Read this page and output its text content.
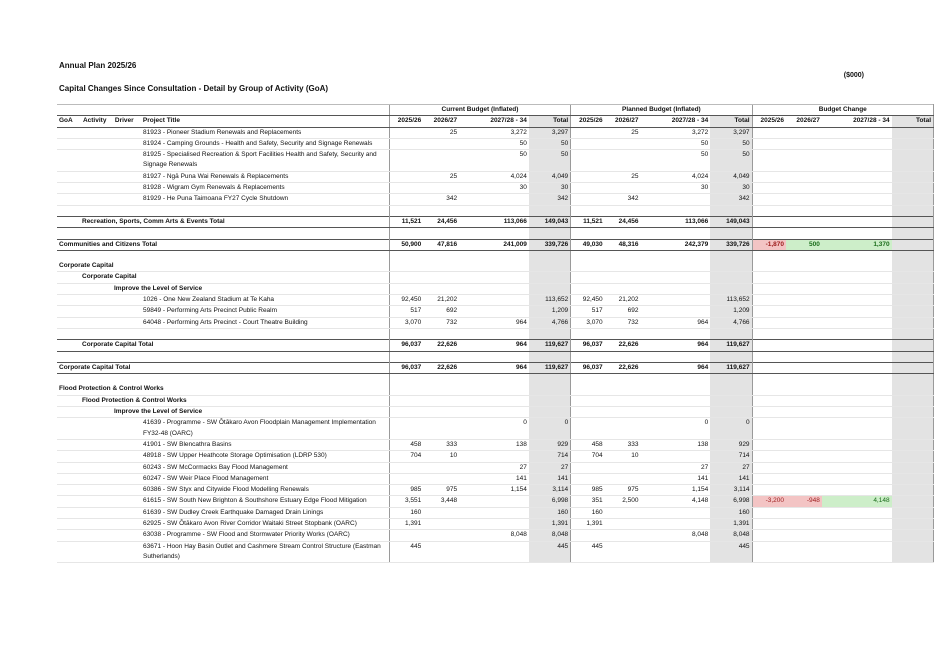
Annual Plan 2025/26
Capital Changes Since Consultation - Detail by Group of Activity (GoA)
($000)
				Current Budget (Inflated)				Planned Budget (Inflated)				Budget Change			
GoA	Activity	Driver	Project Title	2025/26	2026/27	2027/28 - 34	Total	2025/26	2026/27	2027/28 - 34	Total	2025/26	2026/27	2027/28 - 34	Total
81923 - Pioneer Stadium Renewals and Replacements					25	3,272	3,297		25	3,272	3,297				
81924 - Camping Grounds - Health and Safety, Security and Signage Renewals						50	50			50	50				
81925 - Specialised Recreation & Sport Facilities Health and Safety, Security and Signage Renewals						50	50			50	50				
81927 - Ngā Puna Wai Renewals & Replacements					25	4,024	4,049		25	4,024	4,049				
81928 - Wigram Gym Renewals & Replacements						30	30			30	30				
81929 - He Puna Taimoana FY27 Cycle Shutdown					342		342		342		342				

Recreation, Sports, Comm Arts & Events Total				11,521	24,456	113,066	149,043	11,521	24,456	113,066	149,043				

Communities and Citizens Total				50,900	47,816	241,009	339,726	49,030	48,316	242,379	339,726	-1,870	500	1,370	

Corporate Capital															
Corporate Capital															
Improve the Level of Service															
1026 - One New Zealand Stadium at Te Kaha				92,450	21,202		113,652	92,450	21,202		113,652				
59849 - Performing Arts Precinct Public Realm				517	692		1,209	517	692		1,209				
64048 - Performing Arts Precinct - Court Theatre Building				3,070	732	964	4,766	3,070	732	964	4,766				

Corporate Capital Total				96,037	22,626	964	119,627	96,037	22,626	964	119,627				

Corporate Capital Total				96,037	22,626	964	119,627	96,037	22,626	964	119,627				

Flood Protection & Control Works															
Flood Protection & Control Works															
Improve the Level of Service															
41639 - Programme - SW Ōtākaro Avon Floodplain Management Implementation FY32-48 (OARC)						0	0			0	0				
41901 - SW Blencathra Basins				458	333	138	929	458	333	138	929				
48918 - SW Upper Heathcote Storage Optimisation (LDRP 530)				704	10		714	704	10		714				
60243 - SW McCormacks Bay Flood Management						27	27			27	27				
60247 - SW Weir Place Flood Management						141	141			141	141				
60386 - SW Styx and Citywide Flood Modelling Renewals				985	975	1,154	3,114	985	975	1,154	3,114				
61615 - SW South New Brighton & Southshore Estuary Edge Flood Mitigation				3,551	3,448		6,998	351	2,500	4,148	6,998	-3,200	-948	4,148	
61639 - SW Dudley Creek Earthquake Damaged Drain Linings				160			160	160			160				
62925 - SW Ōtākaro Avon River Corridor Waitaki Street Stopbank (OARC)				1,391			1,391	1,391			1,391				
63038 - Programme - SW Flood and Stormwater Priority Works (OARC)						8,048	8,048			8,048	8,048				
63671 - Hoon Hay Basin Outlet and Cashmere Stream Control Structure (Eastman Sutherlands)				445			445	445			445				
